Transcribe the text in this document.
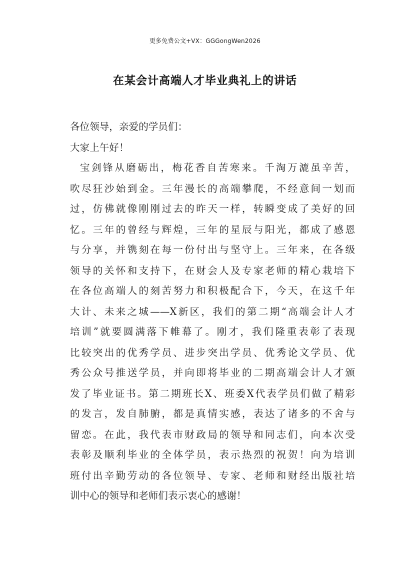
更多免费公文+VX：GGGongWen2026
在某会计高端人才毕业典礼上的讲话
各位领导，亲爱的学员们：
大家上午好！
宝剑锋从磨砺出，梅花香自苦寒来。千淘万漉虽辛苦，
吹尽狂沙始到金。三年漫长的高端攀爬，不经意间一划而
过，仿佛就像刚刚过去的昨天一样，转瞬变成了美好的回
忆。三年的曾经与辉煌，三年的星辰与阳光，都成了感恩
与分享，并镌刻在每一份付出与坚守上。三年来，在各级
领导的关怀和支持下，在财会人及专家老师的精心栽培下
在各位高端人的刻苦努力和积极配合下，今天，在这千年
大计、未来之城——X新区，我们的第二期“高端会计人才
培训”就要圆满落下帷幕了。刚才，我们隆重表彰了表现
比较突出的优秀学员、进步突出学员、优秀论文学员、优
秀公众号推送学员，并向即将毕业的二期高端会计人才颁
发了毕业证书。第二期班长X、班委X代表学员们做了精彩
的发言，发自肺腑，都是真情实感，表达了诸多的不舍与
留恋。在此，我代表市财政局的领导和同志们，向本次受
表彰及顺利毕业的全体学员，表示热烈的祝贺！向为培训
班付出辛勤劳动的各位领导、专家、老师和财经出版社培
训中心的领导和老师们表示衷心的感谢！
